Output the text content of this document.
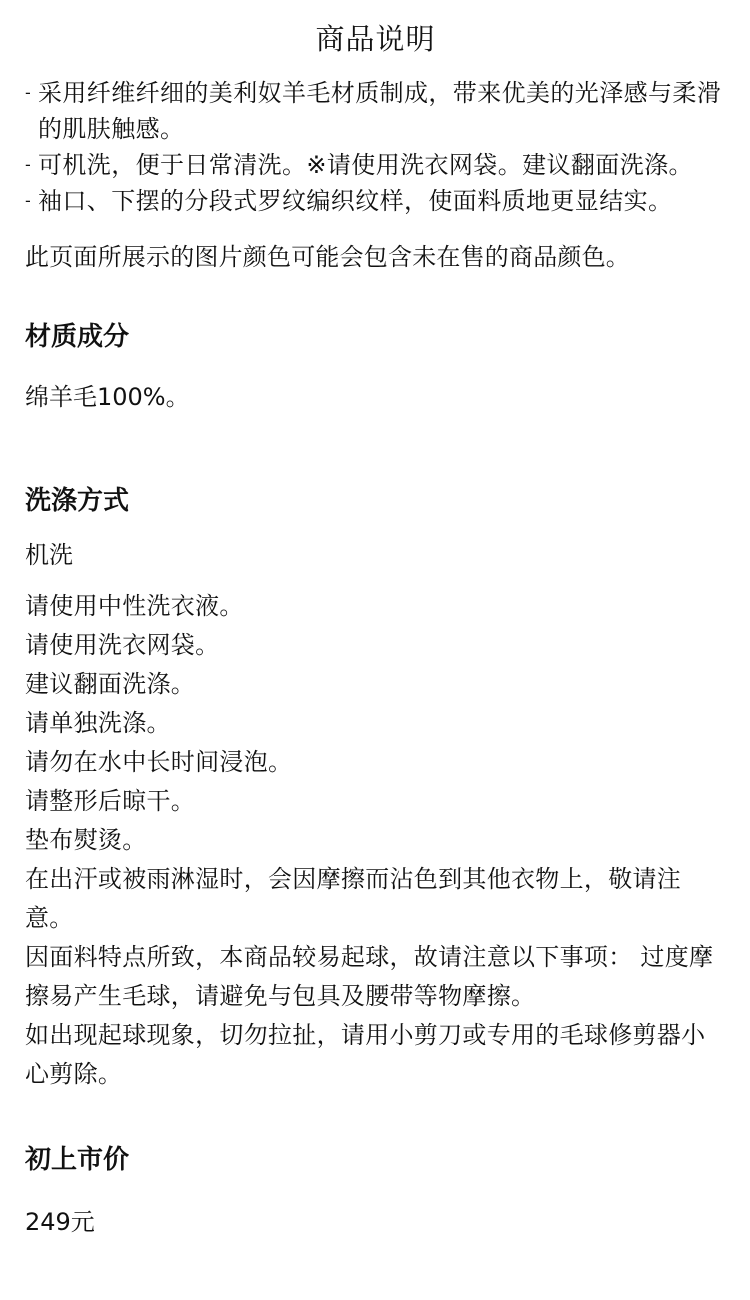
商品说明
- 采用纤维纤细的美利奴羊毛材质制成，带来优美的光泽感与柔滑的肌肤触感。
- 可机洗，便于日常清洗。※请使用洗衣网袋。建议翻面洗涤。
- 袖口、下摆的分段式罗纹编织纹样，使面料质地更显结实。

此页面所展示的图片颜色可能会包含未在售的商品颜色。

材质成分

绵羊毛100%。

洗涤方式

机洗

请使用中性洗衣液。
请使用洗衣网袋。
建议翻面洗涤。
请单独洗涤。
请勿在水中长时间浸泡。
请整形后晾干。
垫布熨烫。
在出汗或被雨淋湿时，会因摩擦而沾色到其他衣物上，敬请注意。
因面料特点所致，本商品较易起球，故请注意以下事项： 过度摩擦易产生毛球，请避免与包具及腰带等物摩擦。
如出现起球现象，切勿拉扯，请用小剪刀或专用的毛球修剪器小心剪除。
初上市价

249元
